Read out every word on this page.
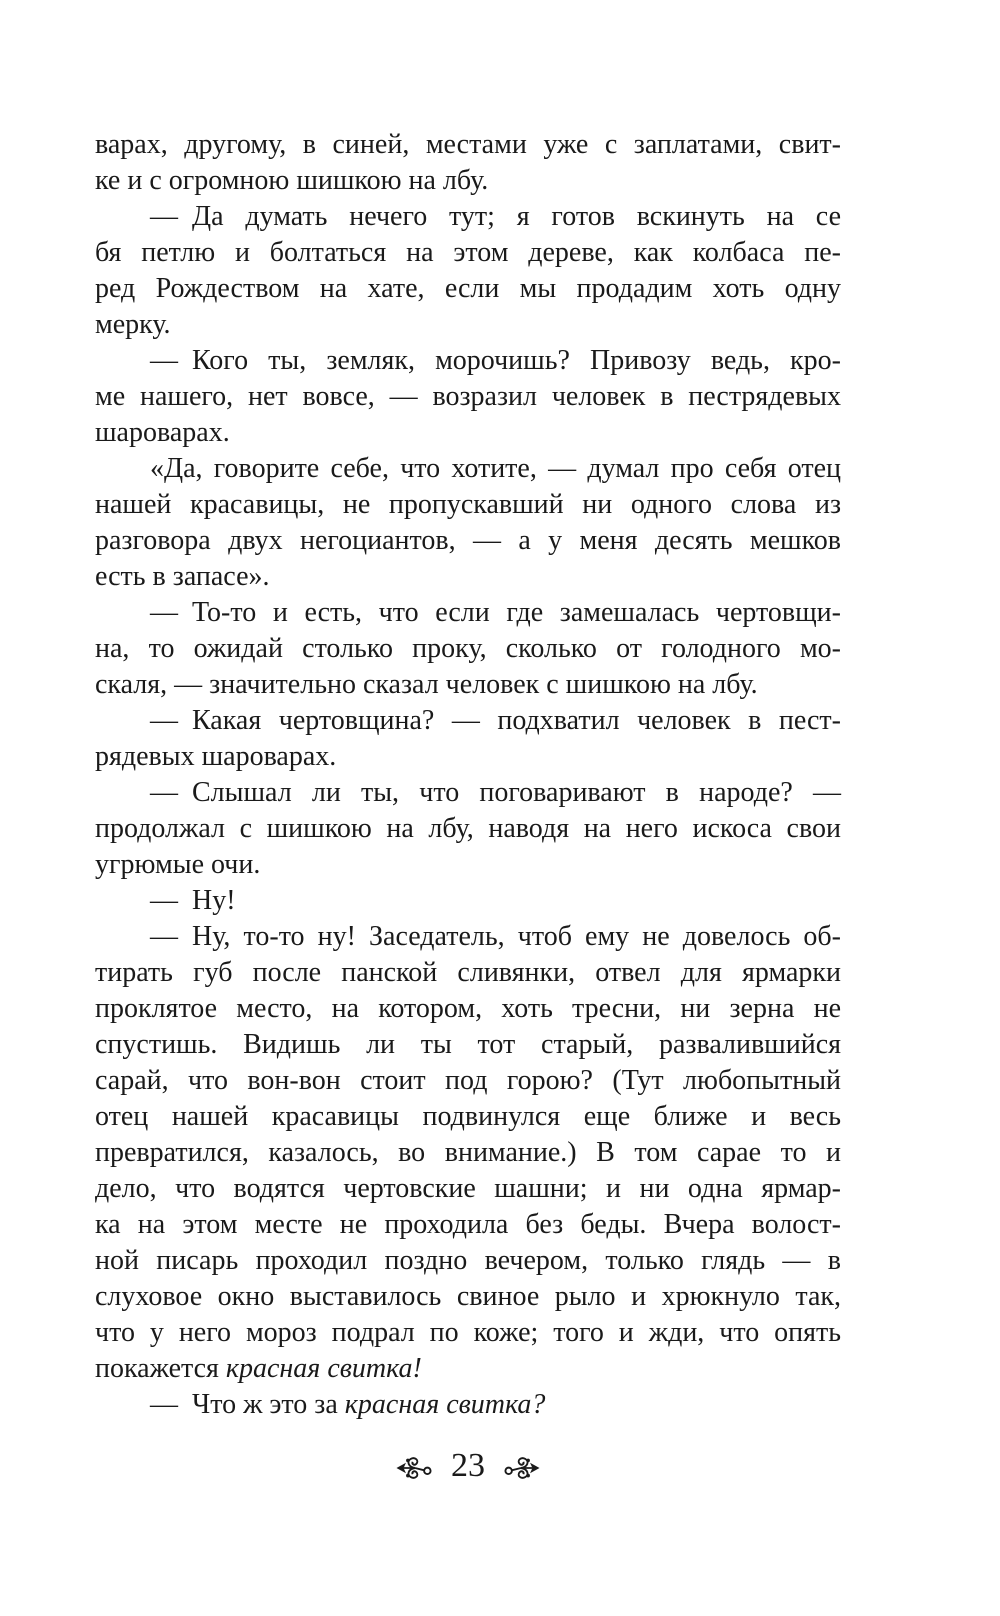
варах, другому, в синей, местами уже с заплатами, свит-
ке и с огромною шишкою на лбу.
— Да думать нечего тут; я готов вскинуть на се
бя петлю и болтаться на этом дереве, как колбаса пе-
ред Рождеством на хате, если мы продадим хоть одну
мерку.
— Кого ты, земляк, морочишь? Привозу ведь, кро-
ме нашего, нет вовсе, — возразил человек в пестрядевых
шароварах.
«Да, говорите себе, что хотите, — думал про себя отец
нашей красавицы, не пропускавший ни одного слова из
разговора двух негоциантов, — а у меня десять мешков
есть в запасе».
— То-то и есть, что если где замешалась чертовщи-
на, то ожидай столько проку, сколько от голодного мо-
скаля, — значительно сказал человек с шишкою на лбу.
— Какая чертовщина? — подхватил человек в пест-
рядевых шароварах.
— Слышал ли ты, что поговаривают в народе? —
продолжал с шишкою на лбу, наводя на него искоса свои
угрюмые очи.
— Ну!
— Ну, то-то ну! Заседатель, чтоб ему не довелось об-
тирать губ после панской сливянки, отвел для ярмарки
проклятое место, на котором, хоть тресни, ни зерна не
спустишь. Видишь ли ты тот старый, развалившийся
сарай, что вон-вон стоит под горою? (Тут любопытный
отец нашей красавицы подвинулся еще ближе и весь
превратился, казалось, во внимание.) В том сарае то и
дело, что водятся чертовские шашни; и ни одна ярмар-
ка на этом месте не проходила без беды. Вчера волост-
ной писарь проходил поздно вечером, только глядь — в
слуховое окно выставилось свиное рыло и хрюкнуло так,
что у него мороз подрал по коже; того и жди, что опять
покажется красная свитка!
— Что ж это за красная свитка?
23
